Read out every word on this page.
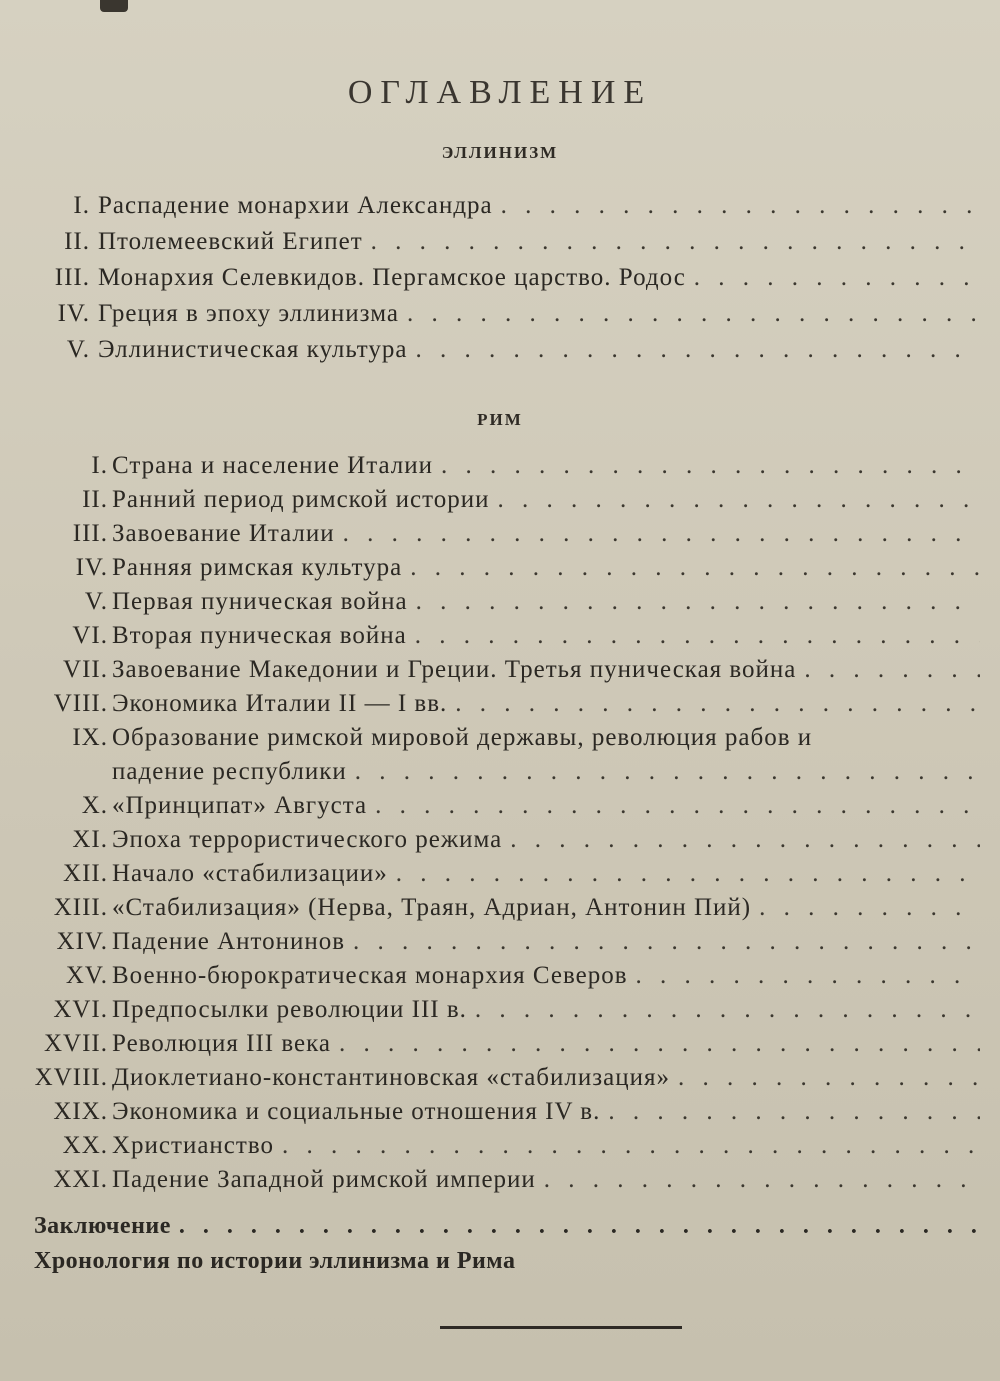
ОГЛАВЛЕНИЕ
ЭЛЛИНИЗМ
I. Распадение монархии Александра
. . .
II. Птолемеевский Египет
. . .
III. Монархия Селевкидов. Пергамское царство. Родос
. . .
IV. Греция в эпоху эллинизма
. . .
V. Эллинистическая культура
. . .
РИМ
I. Страна и население Италии
. . .
II. Ранний период римской истории
. . .
III. Завоевание Италии
. . .
IV. Ранняя римская культура
. . .
V. Первая пуническая война
. . .
VI. Вторая пуническая война
. . .
VII. Завоевание Македонии и Греции. Третья пуническая война
. . .
VIII. Экономика Италии II — I вв.
. . .
IX. Образование римской мировой державы, революция рабов и
падение республики
. . .
X. «Принципат» Августа
. . .
XI. Эпоха террористического режима
. . .
XII. Начало «стабилизации»
. . .
XIII. «Стабилизация» (Нерва, Траян, Адриан, Антонин Пий)
. . .
XIV. Падение Антонинов
. . .
XV. Военно-бюрократическая монархия Северов
. . .
XVI. Предпосылки революции III в.
. . .
XVII. Революция III века
. . .
XVIII. Диоклетиано-константиновская «стабилизация»
. . .
XIX. Экономика и социальные отношения IV в.
. . .
XX. Христианство
. . .
XXI. Падение Западной римской империи
. . .
Заключение
. . .
Хронология по истории эллинизма и Рима
